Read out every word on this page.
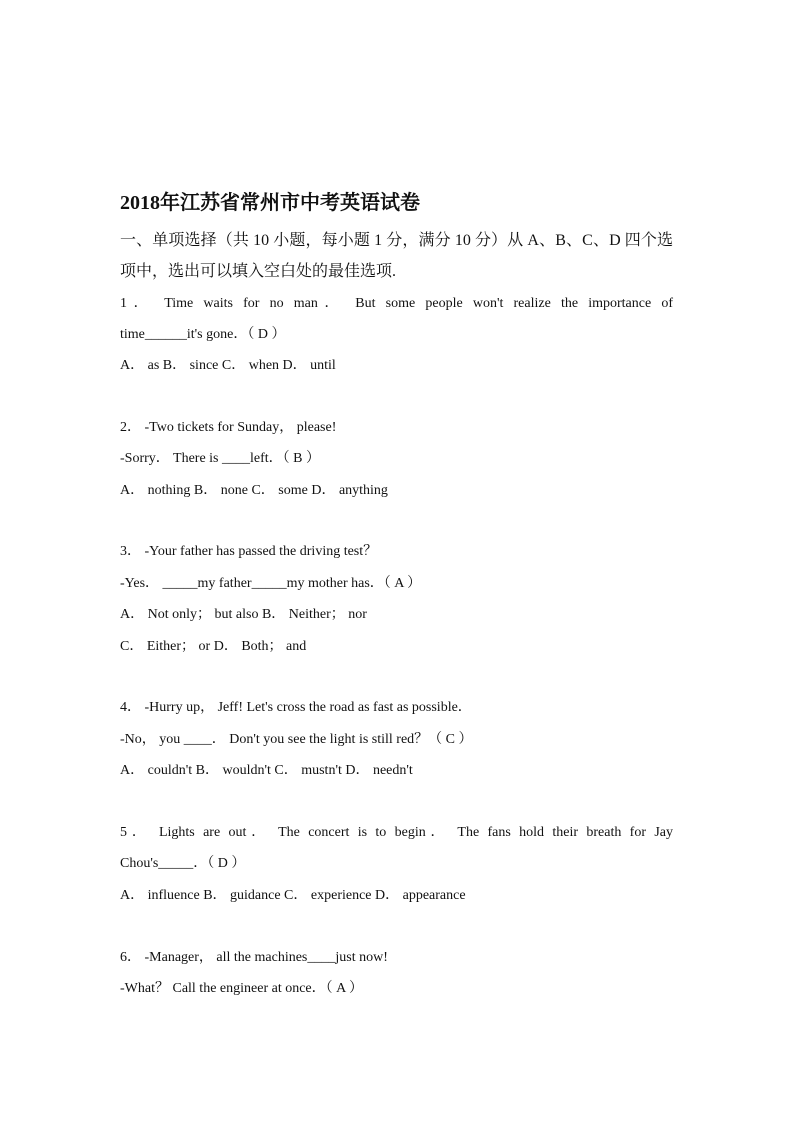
2018年江苏省常州市中考英语试卷
一、单项选择（共 10 小题，每小题 1 分，满分 10 分）从 A、B、C、D 四个选
项中，选出可以填入空白处的最佳选项.
1． Time waits for no man． But some people won't realize the importance of
time______it's gone．（ D ）
A． as B． since C． when D． until
2． -Two tickets for Sunday， please!
-Sorry． There is ____left．（ B ）
A． nothing B． none C． some D． anything
3． -Your father has passed the driving test？
-Yes． _____my father_____my mother has．（ A ）
A． Not only； but also B． Neither； nor
C． Either； or D． Both； and
4． -Hurry up， Jeff! Let's cross the road as fast as possible．
-No， you ____． Don't you see the light is still red？（ C ）
A． couldn't B． wouldn't C． mustn't D． needn't
5． Lights are out． The concert is to begin． The fans hold their breath for Jay
Chou's_____．（ D ）
A． influence B． guidance C． experience D． appearance
6． -Manager， all the machines____just now!
-What？ Call the engineer at once．（ A ）
